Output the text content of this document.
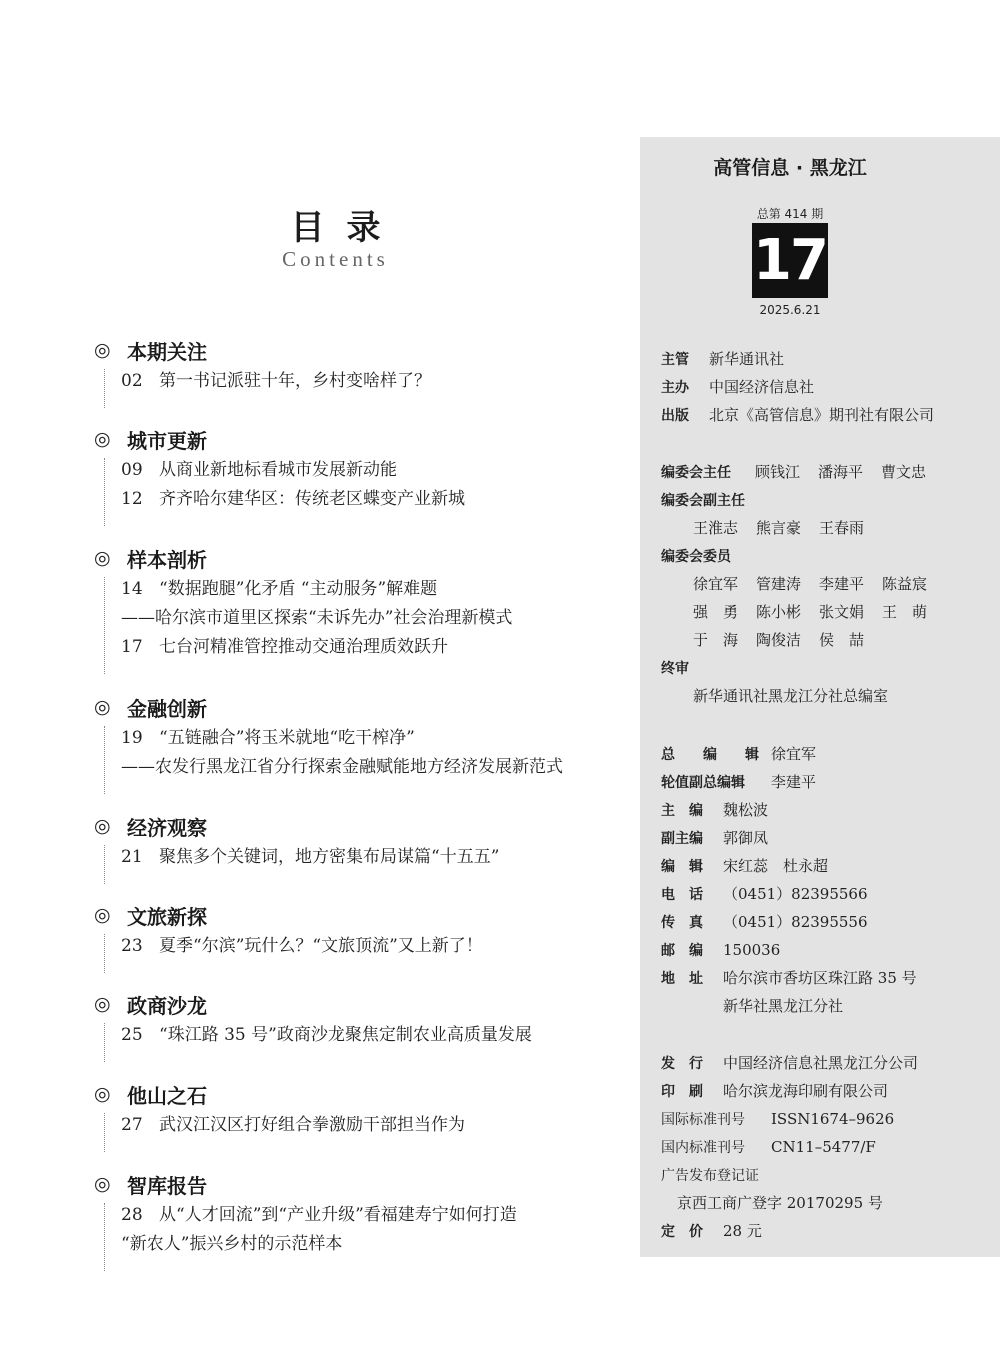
目录
Contents
◎ 本期关注
02 第一书记派驻十年，乡村变啥样了？
◎ 城市更新
09 从商业新地标看城市发展新动能
12 齐齐哈尔建华区：传统老区蝶变产业新城
◎ 样本剖析
14 “数据跑腿”化矛盾 “主动服务”解难题
——哈尔滨市道里区探索“未诉先办”社会治理新模式
17 七台河精准管控推动交通治理质效跃升
◎ 金融创新
19 “五链融合”将玉米就地“吃干榨净”
——农发行黑龙江省分行探索金融赋能地方经济发展新范式
◎ 经济观察
21 聚焦多个关键词，地方密集布局谋篇“十五五”
◎ 文旅新探
23 夏季“尔滨”玩什么？“文旅顶流”又上新了！
◎ 政商沙龙
25 “珠江路 35 号”政商沙龙聚焦定制农业高质量发展
◎ 他山之石
27 武汉江汉区打好组合拳激励干部担当作为
◎ 智库报告
28 从“人才回流”到“产业升级”看福建寿宁如何打造
“新农人”振兴乡村的示范样本
高管信息 · 黑龙江
总第 414 期
17
2025.6.21
主管 新华通讯社
主办 中国经济信息社
出版 北京《高管信息》期刊社有限公司
编委会主任 顾钱江 潘海平 曹文忠
编委会副主任
王淮志 熊言豪 王春雨
编委会委员
徐宜军 管建涛 李建平 陈益宸
强　勇 陈小彬 张文娟 王　萌
于　海 陶俊洁 侯　喆
终审
新华通讯社黑龙江分社总编室
总　　编　　辑 徐宜军
轮值副总编辑 李建平
主　编 魏松波
副主编 郭御凤
编　辑 宋红蕊　杜永超
电　话 （0451）82395566
传　真 （0451）82395556
邮　编 150036
地　址 哈尔滨市香坊区珠江路 35 号
新华社黑龙江分社
发　行 中国经济信息社黑龙江分公司
印　刷 哈尔滨龙海印刷有限公司
国际标准刊号 ISSN1674–9626
国内标准刊号 CN11–5477/F
广告发布登记证
京西工商广登字 20170295 号
定　价 28 元
